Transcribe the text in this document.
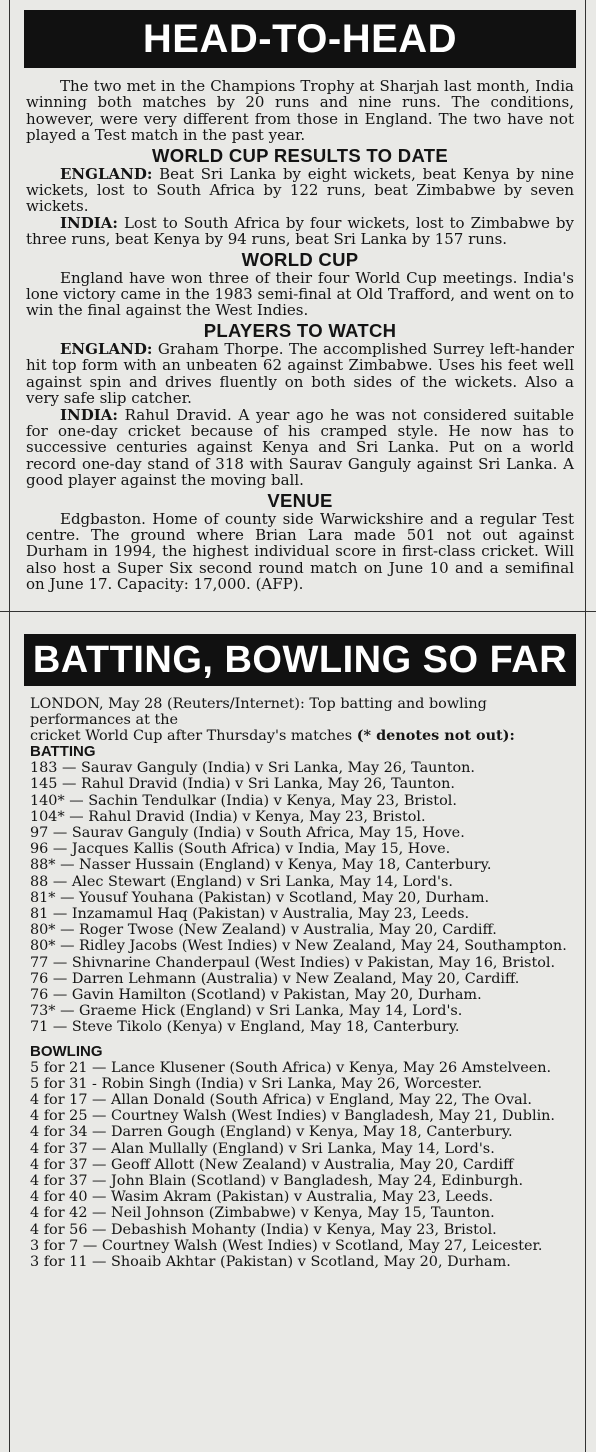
HEAD-TO-HEAD

The two met in the Champions Trophy at Sharjah last month, India winning both matches by 20 runs and nine runs. The conditions, however, were very different from those in England. The two have not played a Test match in the past year.

WORLD CUP RESULTS TO DATE

ENGLAND: Beat Sri Lanka by eight wickets, beat Kenya by nine wickets, lost to South Africa by 122 runs, beat Zimbabwe by seven wickets.

INDIA: Lost to South Africa by four wickets, lost to Zimbabwe by three runs, beat Kenya by 94 runs, beat Sri Lanka by 157 runs.

WORLD CUP

England have won three of their four World Cup meetings. India's lone victory came in the 1983 semi-final at Old Trafford, and went on to win the final against the West Indies.

PLAYERS TO WATCH

ENGLAND: Graham Thorpe. The accomplished Surrey left-hander hit top form with an unbeaten 62 against Zimbabwe. Uses his feet well against spin and drives fluently on both sides of the wickets. Also a very safe slip catcher.

INDIA: Rahul Dravid. A year ago he was not considered suitable for one-day cricket because of his cramped style. He now has to successive centuries against Kenya and Sri Lanka. Put on a world record one-day stand of 318 with Saurav Ganguly against Sri Lanka. A good player against the moving ball.

VENUE

Edgbaston. Home of county side Warwickshire and a regular Test centre. The ground where Brian Lara made 501 not out against Durham in 1994, the highest individual score in first-class cricket. Will also host a Super Six second round match on June 10 and a semifinal on June 17. Capacity: 17,000. (AFP).

BATTING, BOWLING SO FAR

LONDON, May 28 (Reuters/Internet): Top batting and bowling performances at the
cricket World Cup after Thursday's matches (* denotes not out):

BATTING

183 — Saurav Ganguly (India) v Sri Lanka, May 26, Taunton.

145 — Rahul Dravid (India) v Sri Lanka, May 26, Taunton.

140* — Sachin Tendulkar (India) v Kenya, May 23, Bristol.

104* — Rahul Dravid (India) v Kenya, May 23, Bristol.

97 — Saurav Ganguly (India) v South Africa, May 15, Hove.

96 — Jacques Kallis (South Africa) v India, May 15, Hove.

88* — Nasser Hussain (England) v Kenya, May 18, Canterbury.

88 — Alec Stewart (England) v Sri Lanka, May 14, Lord's.

81* — Yousuf Youhana (Pakistan) v Scotland, May 20, Durham.

81 — Inzamamul Haq (Pakistan) v Australia, May 23, Leeds.

80* — Roger Twose (New Zealand) v Australia, May 20, Cardiff.

80* — Ridley Jacobs (West Indies) v New Zealand, May 24, Southampton.

77 — Shivnarine Chanderpaul (West Indies) v Pakistan, May 16, Bristol.

76 — Darren Lehmann (Australia) v New Zealand, May 20, Cardiff.

76 — Gavin Hamilton (Scotland) v Pakistan, May 20, Durham.

73* — Graeme Hick (England) v Sri Lanka, May 14, Lord's.

71 — Steve Tikolo (Kenya) v England, May 18, Canterbury.

BOWLING

5 for 21 — Lance Klusener (South Africa) v Kenya, May 26 Amstelveen.

5 for 31 - Robin Singh (India) v Sri Lanka, May 26, Worcester.

4 for 17 — Allan Donald (South Africa) v England, May 22, The Oval.

4 for 25 — Courtney Walsh (West Indies) v Bangladesh, May 21, Dublin.

4 for 34 — Darren Gough (England) v Kenya, May 18, Canterbury.

4 for 37 — Alan Mullally (England) v Sri Lanka, May 14, Lord's.

4 for 37 — Geoff Allott (New Zealand) v Australia, May 20, Cardiff

4 for 37 — John Blain (Scotland) v Bangladesh, May 24, Edinburgh.

4 for 40 — Wasim Akram (Pakistan) v Australia, May 23, Leeds.

4 for 42 — Neil Johnson (Zimbabwe) v Kenya, May 15, Taunton.

4 for 56 — Debashish Mohanty (India) v Kenya, May 23, Bristol.

3 for 7 — Courtney Walsh (West Indies) v Scotland, May 27, Leicester.

3 for 11 — Shoaib Akhtar (Pakistan) v Scotland, May 20, Durham.
